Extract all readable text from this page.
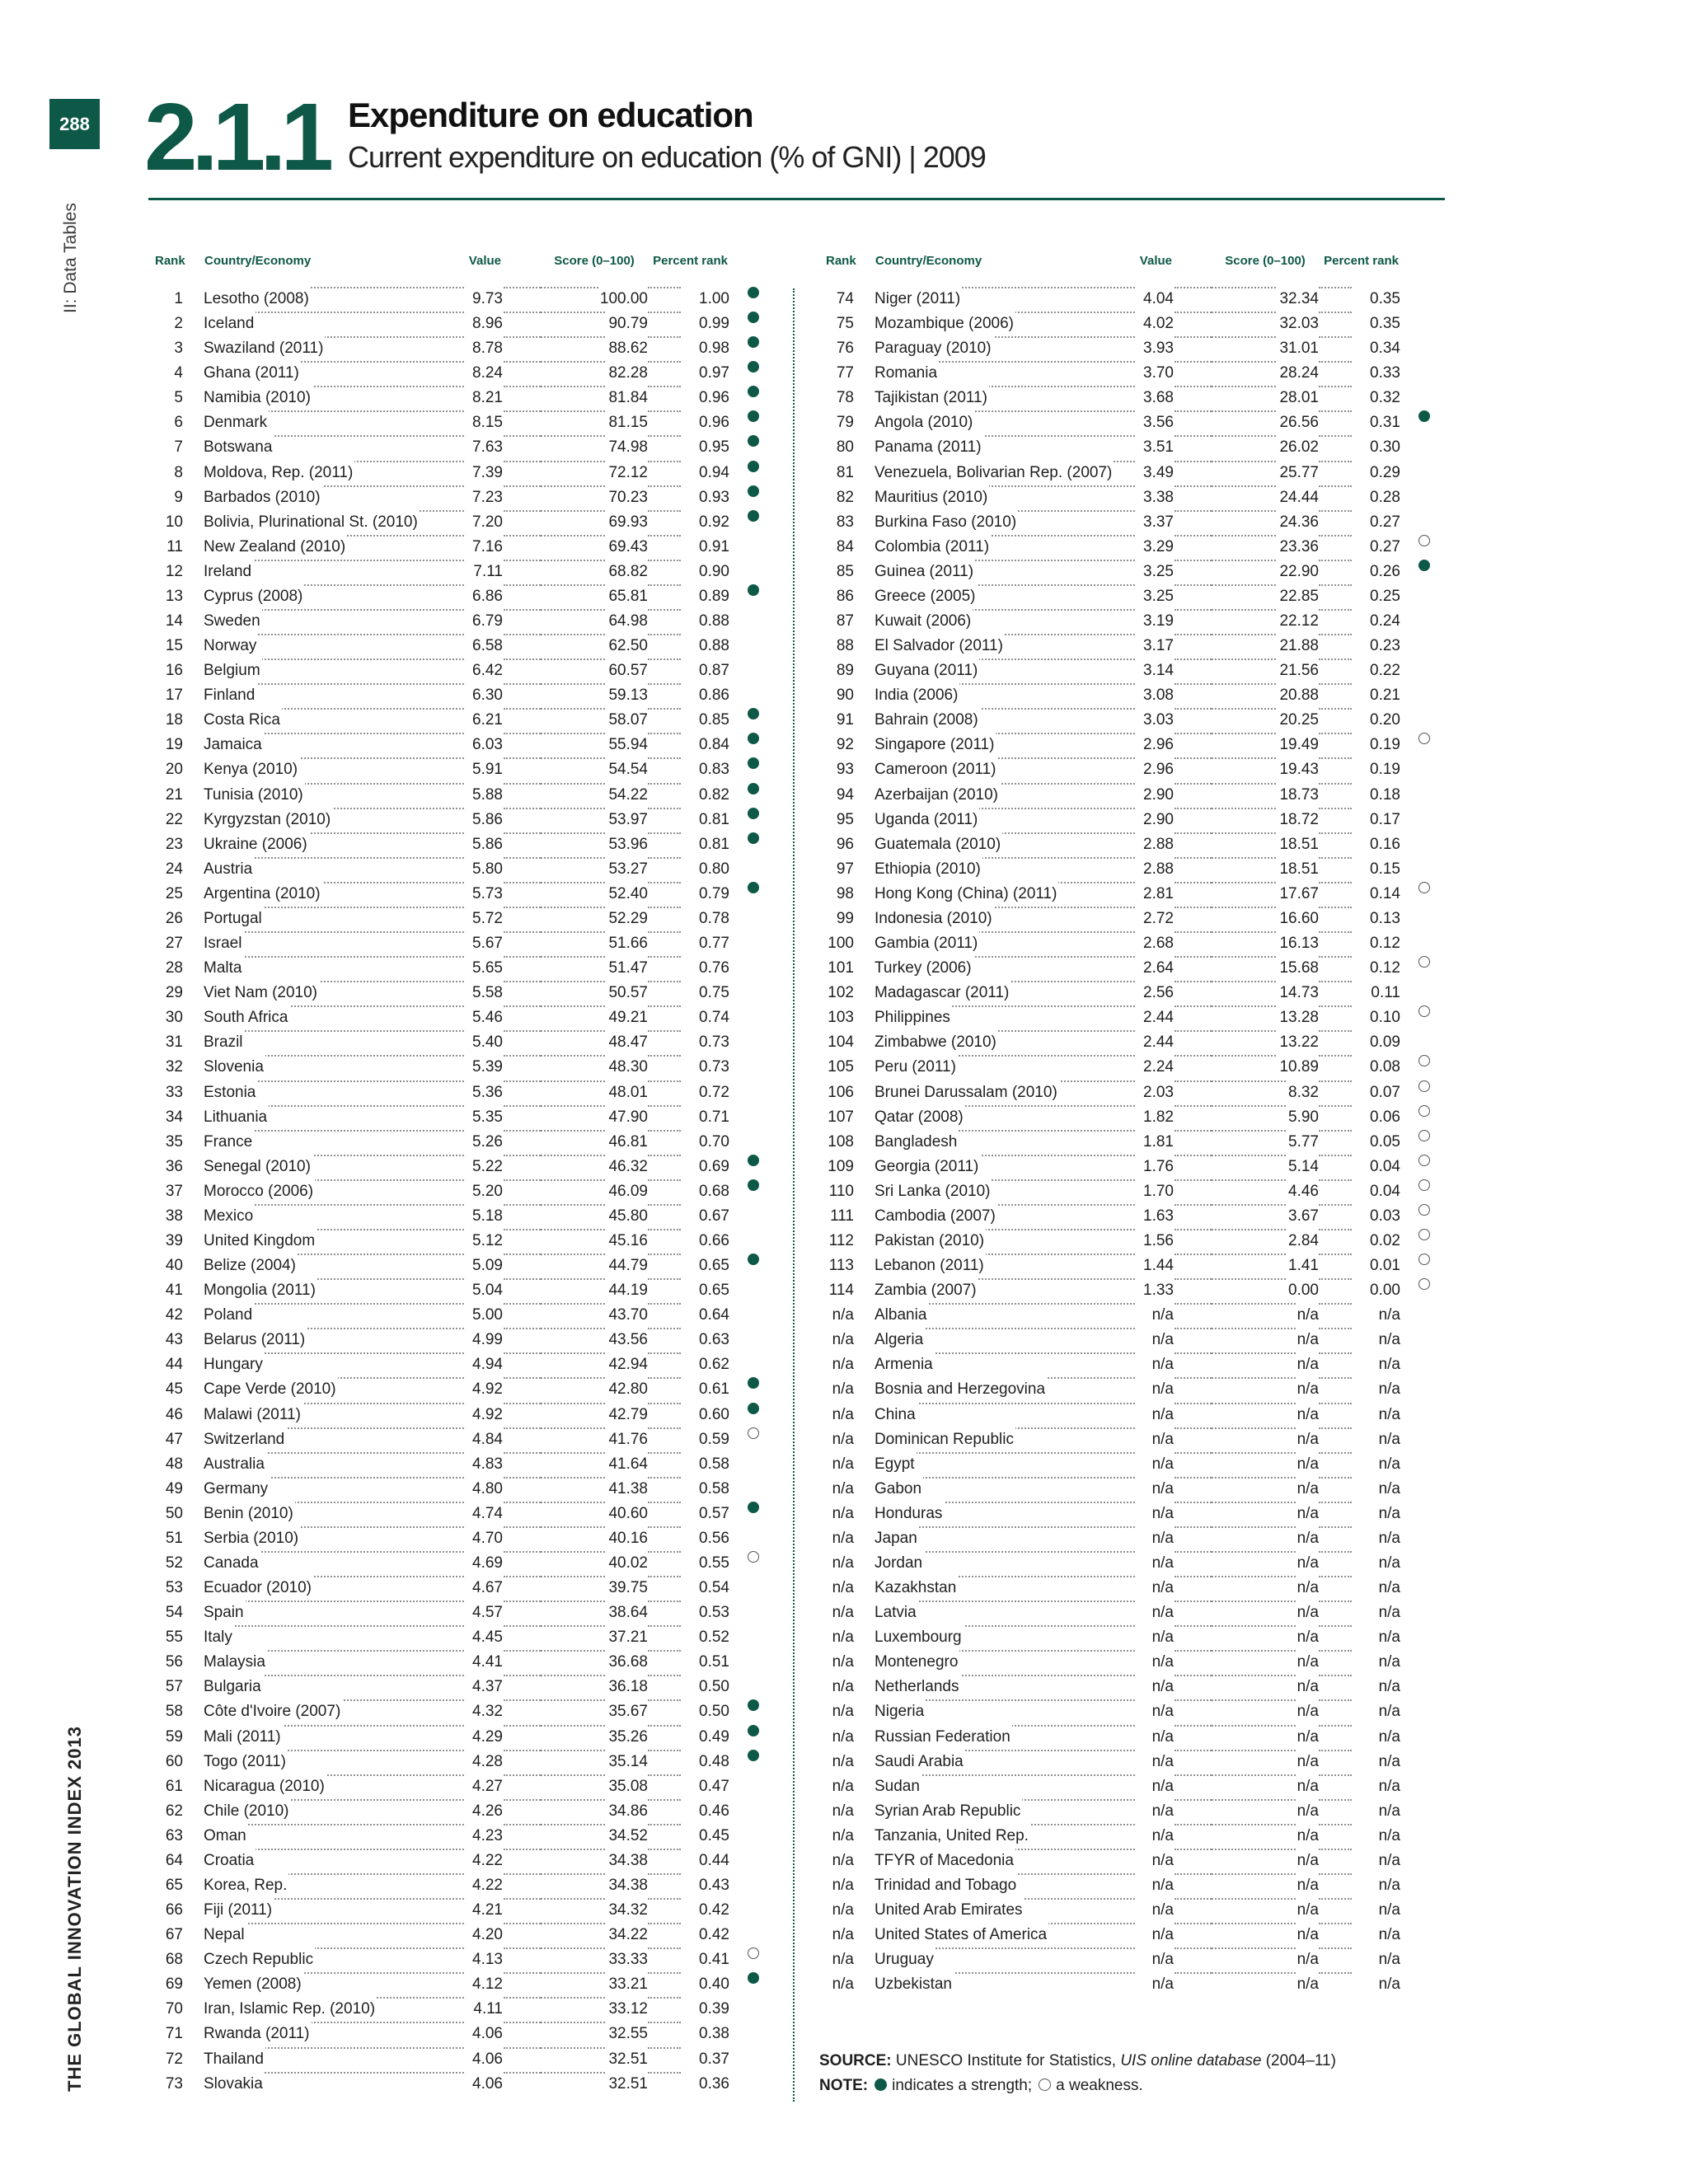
288
II: Data Tables
THE GLOBAL INNOVATION INDEX 2013
2.1.1 Expenditure on education
Current expenditure on education (% of GNI) | 2009
Rank Country/Economy	Value	Score (0–100)	Percent rank
1 Lesotho (2008)	9.73	100.00	1.00
2 Iceland	8.96	90.79	0.99
3 Swaziland (2011)	8.78	88.62	0.98
4 Ghana (2011)	8.24	82.28	0.97
5 Namibia (2010)	8.21	81.84	0.96
6 Denmark	8.15	81.15	0.96
7 Botswana	7.63	74.98	0.95
8 Moldova, Rep. (2011)	7.39	72.12	0.94
9 Barbados (2010)	7.23	70.23	0.93
10 Bolivia, Plurinational St. (2010)	7.20	69.93	0.92
11 New Zealand (2010)	7.16	69.43	0.91
12 Ireland	7.11	68.82	0.90
13 Cyprus (2008)	6.86	65.81	0.89
14 Sweden	6.79	64.98	0.88
15 Norway	6.58	62.50	0.88
16 Belgium	6.42	60.57	0.87
17 Finland	6.30	59.13	0.86
18 Costa Rica	6.21	58.07	0.85
19 Jamaica	6.03	55.94	0.84
20 Kenya (2010)	5.91	54.54	0.83
21 Tunisia (2010)	5.88	54.22	0.82
22 Kyrgyzstan (2010)	5.86	53.97	0.81
23 Ukraine (2006)	5.86	53.96	0.81
24 Austria	5.80	53.27	0.80
25 Argentina (2010)	5.73	52.40	0.79
26 Portugal	5.72	52.29	0.78
27 Israel	5.67	51.66	0.77
28 Malta	5.65	51.47	0.76
29 Viet Nam (2010)	5.58	50.57	0.75
30 South Africa	5.46	49.21	0.74
31 Brazil	5.40	48.47	0.73
32 Slovenia	5.39	48.30	0.73
33 Estonia	5.36	48.01	0.72
34 Lithuania	5.35	47.90	0.71
35 France	5.26	46.81	0.70
36 Senegal (2010)	5.22	46.32	0.69
37 Morocco (2006)	5.20	46.09	0.68
38 Mexico	5.18	45.80	0.67
39 United Kingdom	5.12	45.16	0.66
40 Belize (2004)	5.09	44.79	0.65
41 Mongolia (2011)	5.04	44.19	0.65
42 Poland	5.00	43.70	0.64
43 Belarus (2011)	4.99	43.56	0.63
44 Hungary	4.94	42.94	0.62
45 Cape Verde (2010)	4.92	42.80	0.61
46 Malawi (2011)	4.92	42.79	0.60
47 Switzerland	4.84	41.76	0.59
48 Australia	4.83	41.64	0.58
49 Germany	4.80	41.38	0.58
50 Benin (2010)	4.74	40.60	0.57
51 Serbia (2010)	4.70	40.16	0.56
52 Canada	4.69	40.02	0.55
53 Ecuador (2010)	4.67	39.75	0.54
54 Spain	4.57	38.64	0.53
55 Italy	4.45	37.21	0.52
56 Malaysia	4.41	36.68	0.51
57 Bulgaria	4.37	36.18	0.50
58 Côte d'Ivoire (2007)	4.32	35.67	0.50
59 Mali (2011)	4.29	35.26	0.49
60 Togo (2011)	4.28	35.14	0.48
61 Nicaragua (2010)	4.27	35.08	0.47
62 Chile (2010)	4.26	34.86	0.46
63 Oman	4.23	34.52	0.45
64 Croatia	4.22	34.38	0.44
65 Korea, Rep.	4.22	34.38	0.43
66 Fiji (2011)	4.21	34.32	0.42
67 Nepal	4.20	34.22	0.42
68 Czech Republic	4.13	33.33	0.41
69 Yemen (2008)	4.12	33.21	0.40
70 Iran, Islamic Rep. (2010)	4.11	33.12	0.39
71 Rwanda (2011)	4.06	32.55	0.38
72 Thailand	4.06	32.51	0.37
73 Slovakia	4.06	32.51	0.36
Rank Country/Economy	Value	Score (0–100)	Percent rank
74 Niger (2011)	4.04	32.34	0.35
75 Mozambique (2006)	4.02	32.03	0.35
76 Paraguay (2010)	3.93	31.01	0.34
77 Romania	3.70	28.24	0.33
78 Tajikistan (2011)	3.68	28.01	0.32
79 Angola (2010)	3.56	26.56	0.31
80 Panama (2011)	3.51	26.02	0.30
81 Venezuela, Bolivarian Rep. (2007)	3.49	25.77	0.29
82 Mauritius (2010)	3.38	24.44	0.28
83 Burkina Faso (2010)	3.37	24.36	0.27
84 Colombia (2011)	3.29	23.36	0.27
85 Guinea (2011)	3.25	22.90	0.26
86 Greece (2005)	3.25	22.85	0.25
87 Kuwait (2006)	3.19	22.12	0.24
88 El Salvador (2011)	3.17	21.88	0.23
89 Guyana (2011)	3.14	21.56	0.22
90 India (2006)	3.08	20.88	0.21
91 Bahrain (2008)	3.03	20.25	0.20
92 Singapore (2011)	2.96	19.49	0.19
93 Cameroon (2011)	2.96	19.43	0.19
94 Azerbaijan (2010)	2.90	18.73	0.18
95 Uganda (2011)	2.90	18.72	0.17
96 Guatemala (2010)	2.88	18.51	0.16
97 Ethiopia (2010)	2.88	18.51	0.15
98 Hong Kong (China) (2011)	2.81	17.67	0.14
99 Indonesia (2010)	2.72	16.60	0.13
100 Gambia (2011)	2.68	16.13	0.12
101 Turkey (2006)	2.64	15.68	0.12
102 Madagascar (2011)	2.56	14.73	0.11
103 Philippines	2.44	13.28	0.10
104 Zimbabwe (2010)	2.44	13.22	0.09
105 Peru (2011)	2.24	10.89	0.08
106 Brunei Darussalam (2010)	2.03	8.32	0.07
107 Qatar (2008)	1.82	5.90	0.06
108 Bangladesh	1.81	5.77	0.05
109 Georgia (2011)	1.76	5.14	0.04
110 Sri Lanka (2010)	1.70	4.46	0.04
111 Cambodia (2007)	1.63	3.67	0.03
112 Pakistan (2010)	1.56	2.84	0.02
113 Lebanon (2011)	1.44	1.41	0.01
114 Zambia (2007)	1.33	0.00	0.00
n/a Albania	n/a	n/a	n/a
n/a Algeria	n/a	n/a	n/a
n/a Armenia	n/a	n/a	n/a
n/a Bosnia and Herzegovina	n/a	n/a	n/a
n/a China	n/a	n/a	n/a
n/a Dominican Republic	n/a	n/a	n/a
n/a Egypt	n/a	n/a	n/a
n/a Gabon	n/a	n/a	n/a
n/a Honduras	n/a	n/a	n/a
n/a Japan	n/a	n/a	n/a
n/a Jordan	n/a	n/a	n/a
n/a Kazakhstan	n/a	n/a	n/a
n/a Latvia	n/a	n/a	n/a
n/a Luxembourg	n/a	n/a	n/a
n/a Montenegro	n/a	n/a	n/a
n/a Netherlands	n/a	n/a	n/a
n/a Nigeria	n/a	n/a	n/a
n/a Russian Federation	n/a	n/a	n/a
n/a Saudi Arabia	n/a	n/a	n/a
n/a Sudan	n/a	n/a	n/a
n/a Syrian Arab Republic	n/a	n/a	n/a
n/a Tanzania, United Rep.	n/a	n/a	n/a
n/a TFYR of Macedonia	n/a	n/a	n/a
n/a Trinidad and Tobago	n/a	n/a	n/a
n/a United Arab Emirates	n/a	n/a	n/a
n/a United States of America	n/a	n/a	n/a
n/a Uruguay	n/a	n/a	n/a
n/a Uzbekistan	n/a	n/a	n/a
SOURCE: UNESCO Institute for Statistics, UIS online database (2004–11)
NOTE: indicates a strength; a weakness.
